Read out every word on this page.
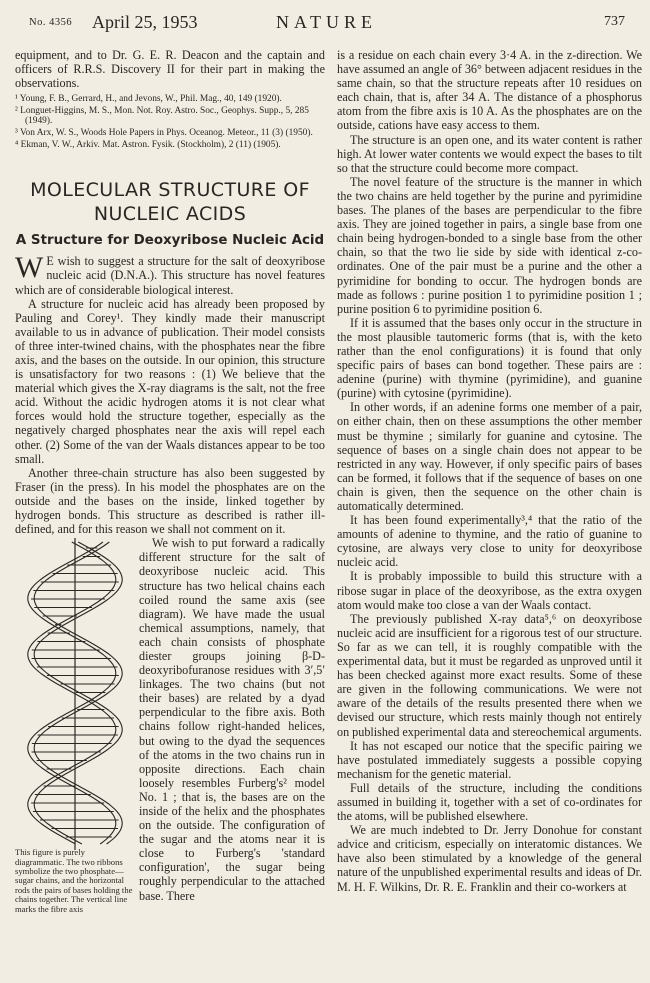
No. 4356 April 25, 1953	NATURE	737

equipment, and to Dr. G. E. R. Deacon and the captain and officers of R.R.S. Discovery II for their part in making the observations.

¹ Young, F. B., Gerrard, H., and Jevons, W., Phil. Mag., 40, 149 (1920).
² Longuet-Higgins, M. S., Mon. Not. Roy. Astro. Soc., Geophys. Supp., 5, 285 (1949).
³ Von Arx, W. S., Woods Hole Papers in Phys. Oceanog. Meteor., 11 (3) (1950).
⁴ Ekman, V. W., Arkiv. Mat. Astron. Fysik. (Stockholm), 2 (11) (1905).
MOLECULAR STRUCTURE OF NUCLEIC ACIDS
A Structure for Deoxyribose Nucleic Acid

W E wish to suggest a structure for the salt of deoxyribose nucleic acid (D.N.A.). This structure has novel features which are of considerable biological interest.

A structure for nucleic acid has already been proposed by Pauling and Corey¹. They kindly made their manuscript available to us in advance of publication. Their model consists of three inter-twined chains, with the phosphates near the fibre axis, and the bases on the outside. In our opinion, this structure is unsatisfactory for two reasons : (1) We believe that the material which gives the X-ray diagrams is the salt, not the free acid. Without the acidic hydrogen atoms it is not clear what forces would hold the structure together, especially as the negatively charged phosphates near the axis will repel each other. (2) Some of the van der Waals distances appear to be too small.

Another three-chain structure has also been suggested by Fraser (in the press). In his model the phosphates are on the outside and the bases on the inside, linked together by hydrogen bonds. This structure as described is rather ill-defined, and for this reason we shall not comment on it.

This figure is purely diagrammatic. The two ribbons symbolize the two phosphate—sugar chains, and the horizontal rods the pairs of bases holding the chains together. The vertical line marks the fibre axis

We wish to put forward a radically different structure for the salt of deoxyribose nucleic acid. This structure has two helical chains each coiled round the same axis (see diagram). We have made the usual chemical assumptions, namely, that each chain consists of phosphate diester groups joining β-D-deoxyribofuranose residues with 3′,5′ linkages. The two chains (but not their bases) are related by a dyad perpendicular to the fibre axis. Both chains follow right-handed helices, but owing to the dyad the sequences of the atoms in the two chains run in opposite directions. Each chain loosely resembles Furberg's² model No. 1 ; that is, the bases are on the inside of the helix and the phosphates on the outside. The configuration of the sugar and the atoms near it is close to Furberg's 'standard configuration', the sugar being roughly perpendicular to the attached base. There

is a residue on each chain every 3·4 A. in the z-direction. We have assumed an angle of 36° between adjacent residues in the same chain, so that the structure repeats after 10 residues on each chain, that is, after 34 A. The distance of a phosphorus atom from the fibre axis is 10 A. As the phosphates are on the outside, cations have easy access to them.

The structure is an open one, and its water content is rather high. At lower water contents we would expect the bases to tilt so that the structure could become more compact.

The novel feature of the structure is the manner in which the two chains are held together by the purine and pyrimidine bases. The planes of the bases are perpendicular to the fibre axis. They are joined together in pairs, a single base from one chain being hydrogen-bonded to a single base from the other chain, so that the two lie side by side with identical z-co-ordinates. One of the pair must be a purine and the other a pyrimidine for bonding to occur. The hydrogen bonds are made as follows : purine position 1 to pyrimidine position 1 ; purine position 6 to pyrimidine position 6.

If it is assumed that the bases only occur in the structure in the most plausible tautomeric forms (that is, with the keto rather than the enol configurations) it is found that only specific pairs of bases can bond together. These pairs are : adenine (purine) with thymine (pyrimidine), and guanine (purine) with cytosine (pyrimidine).

In other words, if an adenine forms one member of a pair, on either chain, then on these assumptions the other member must be thymine ; similarly for guanine and cytosine. The sequence of bases on a single chain does not appear to be restricted in any way. However, if only specific pairs of bases can be formed, it follows that if the sequence of bases on one chain is given, then the sequence on the other chain is automatically determined.

It has been found experimentally³,⁴ that the ratio of the amounts of adenine to thymine, and the ratio of guanine to cytosine, are always very close to unity for deoxyribose nucleic acid.

It is probably impossible to build this structure with a ribose sugar in place of the deoxyribose, as the extra oxygen atom would make too close a van der Waals contact.

The previously published X-ray data⁵,⁶ on deoxyribose nucleic acid are insufficient for a rigorous test of our structure. So far as we can tell, it is roughly compatible with the experimental data, but it must be regarded as unproved until it has been checked against more exact results. Some of these are given in the following communications. We were not aware of the details of the results presented there when we devised our structure, which rests mainly though not entirely on published experimental data and stereochemical arguments.

It has not escaped our notice that the specific pairing we have postulated immediately suggests a possible copying mechanism for the genetic material.

Full details of the structure, including the conditions assumed in building it, together with a set of co-ordinates for the atoms, will be published elsewhere.

We are much indebted to Dr. Jerry Donohue for constant advice and criticism, especially on interatomic distances. We have also been stimulated by a knowledge of the general nature of the unpublished experimental results and ideas of Dr. M. H. F. Wilkins, Dr. R. E. Franklin and their co-workers at
